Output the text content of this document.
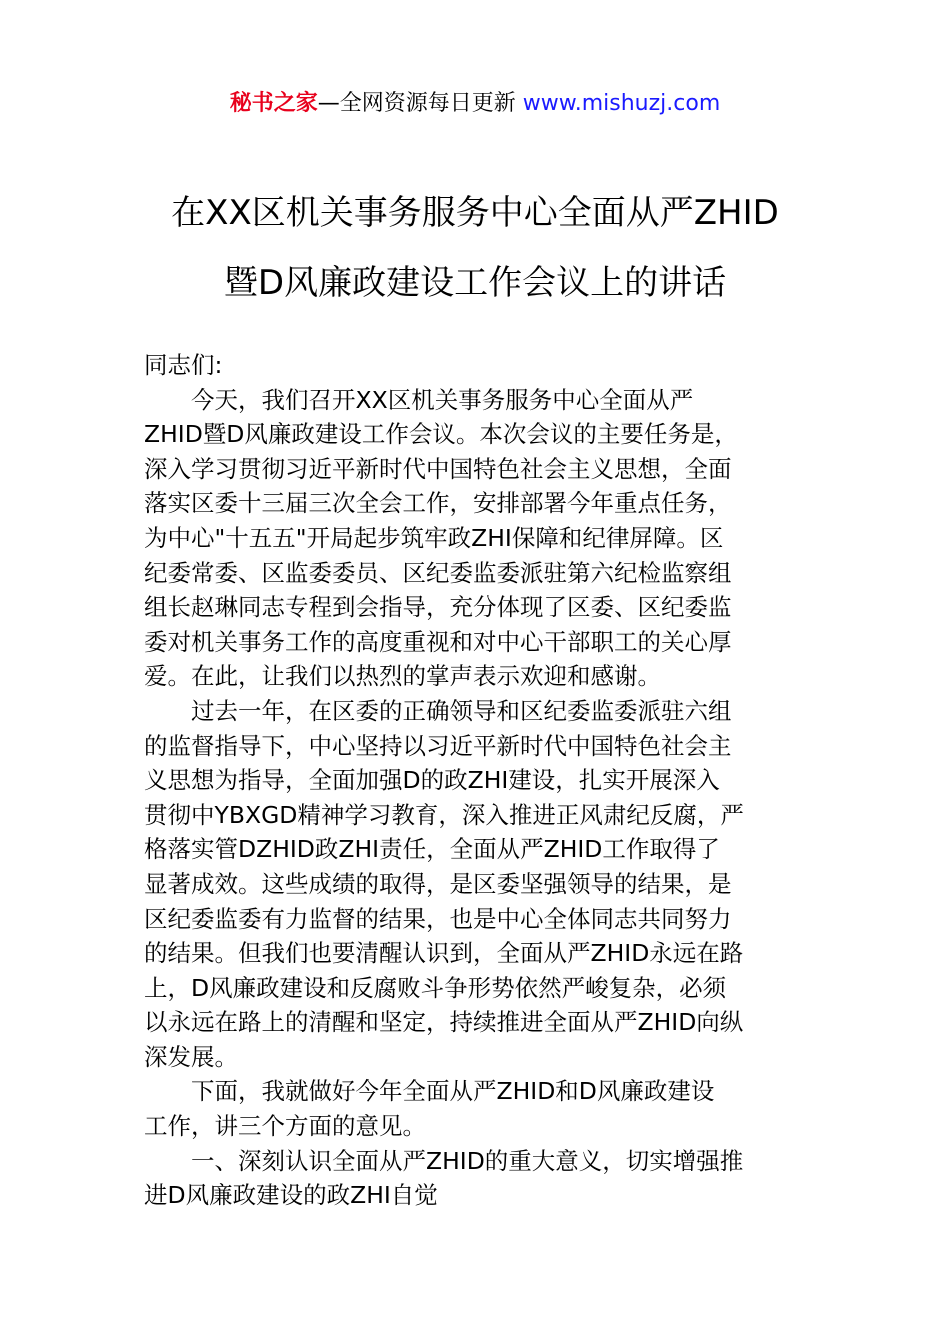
秘书之家—全网资源每日更新 www.mishuzj.com
在XX区机关事务服务中心全面从严ZHID
暨D风廉政建设工作会议上的讲话

同志们:

　　今天，我们召开XX区机关事务服务中心全面从严
ZHID暨D风廉政建设工作会议。本次会议的主要任务是，
深入学习贯彻习近平新时代中国特色社会主义思想，全面
落实区委十三届三次全会工作，安排部署今年重点任务，
为中心"十五五"开局起步筑牢政ZHI保障和纪律屏障。区
纪委常委、区监委委员、区纪委监委派驻第六纪检监察组
组长赵琳同志专程到会指导，充分体现了区委、区纪委监
委对机关事务工作的高度重视和对中心干部职工的关心厚
爱。在此，让我们以热烈的掌声表示欢迎和感谢。

　　过去一年，在区委的正确领导和区纪委监委派驻六组
的监督指导下，中心坚持以习近平新时代中国特色社会主
义思想为指导，全面加强D的政ZHI建设，扎实开展深入
贯彻中YBXGD精神学习教育，深入推进正风肃纪反腐，严
格落实管DZHID政ZHI责任，全面从严ZHID工作取得了
显著成效。这些成绩的取得，是区委坚强领导的结果，是
区纪委监委有力监督的结果，也是中心全体同志共同努力
的结果。但我们也要清醒认识到，全面从严ZHID永远在路
上，D风廉政建设和反腐败斗争形势依然严峻复杂，必须
以永远在路上的清醒和坚定，持续推进全面从严ZHID向纵
深发展。

　　下面，我就做好今年全面从严ZHID和D风廉政建设
工作，讲三个方面的意见。

　　一、深刻认识全面从严ZHID的重大意义，切实增强推
进D风廉政建设的政ZHI自觉
